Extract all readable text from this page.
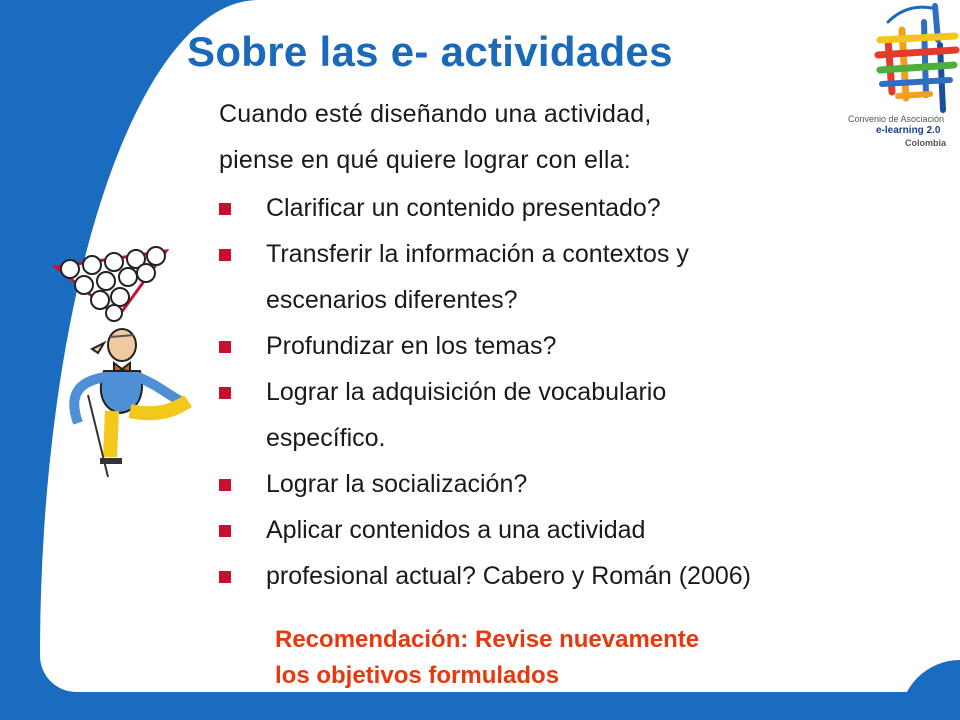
Sobre las e- actividades
Cuando esté diseñando una actividad,
piense en qué quiere lograr con ella:
Clarificar un contenido presentado?
Transferir la información a contextos y
escenarios diferentes?
Profundizar en los temas?
Lograr la adquisición de vocabulario
específico.
Lograr la socialización?
Aplicar contenidos a una actividad
profesional actual? Cabero y Román (2006)
Recomendación: Revise nuevamente
los objetivos formulados
Convenio de Asociación
e-learning 2.0
Colombia
